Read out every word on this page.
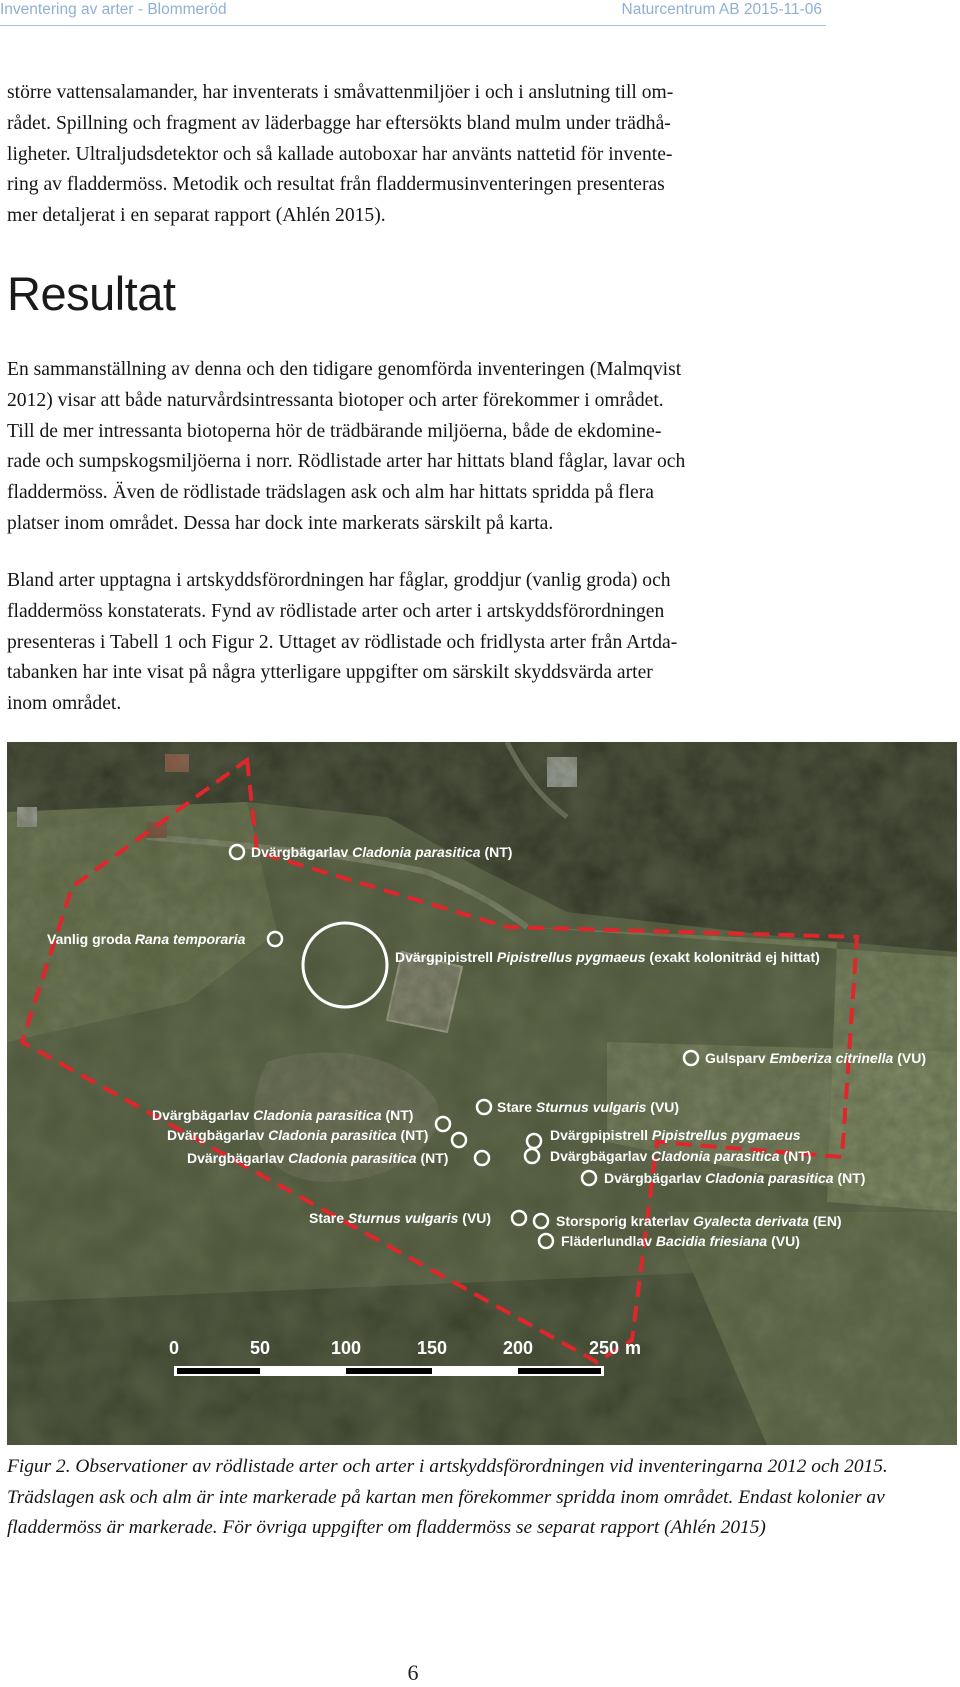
Inventering av arter - Blommeröd	Naturcentrum AB 2015-11-06
större vattensalamander, har inventerats i småvattenmiljöer i och i anslutning till om-
rådet. Spillning och fragment av läderbagge har eftersökts bland mulm under trädhå-
ligheter. Ultraljudsdetektor och så kallade autoboxar har använts nattetid för invente-
ring av fladdermöss. Metodik och resultat från fladdermusinventeringen presenteras
mer detaljerat i en separat rapport (Ahlén 2015).
Resultat
En sammanställning av denna och den tidigare genomförda inventeringen (Malmqvist
2012) visar att både naturvårdsintressanta biotoper och arter förekommer i området.
Till de mer intressanta biotoperna hör de trädbärande miljöerna, både de ekdomine-
rade och sumpskogsmiljöerna i norr. Rödlistade arter har hittats bland fåglar, lavar och
fladdermöss. Även de rödlistade trädslagen ask och alm har hittats spridda på flera
platser inom området. Dessa har dock inte markerats särskilt på karta.
Bland arter upptagna i artskyddsförordningen har fåglar, groddjur (vanlig groda) och
fladdermöss konstaterats. Fynd av rödlistade arter och arter i artskyddsförordningen
presenteras i Tabell 1 och Figur 2. Uttaget av rödlistade och fridlysta arter från Artda-
tabanken har inte visat på några ytterligare uppgifter om särskilt skyddsvärda arter
inom området.
Dvärgbägarlav Cladonia parasitica (NT)
Vanlig groda Rana temporaria
Dvärgpipistrell Pipistrellus pygmaeus (exakt koloniträd ej hittat)
Gulsparv Emberiza citrinella (VU)
Stare Sturnus vulgaris (VU)
Dvärgbägarlav Cladonia parasitica (NT)
Dvärgbägarlav Cladonia parasitica (NT)	Dvärgpipistrell Pipistrellus pygmaeus
Dvärgbägarlav Cladonia parasitica (NT)
Dvärgbägarlav Cladonia parasitica (NT)
Dvärgbägarlav Cladonia parasitica (NT)
Stare Sturnus vulgaris (VU)	Storsporig kraterlav Gyalecta derivata (EN)
Fläderlundlav Bacidia friesiana (VU)
0	50	100	150	200	250 m
Figur 2. Observationer av rödlistade arter och arter i artskyddsförordningen vid inventeringarna 2012 och 2015.
Trädslagen ask och alm är inte markerade på kartan men förekommer spridda inom området. Endast kolonier av
fladdermöss är markerade. För övriga uppgifter om fladdermöss se separat rapport (Ahlén 2015)
6
